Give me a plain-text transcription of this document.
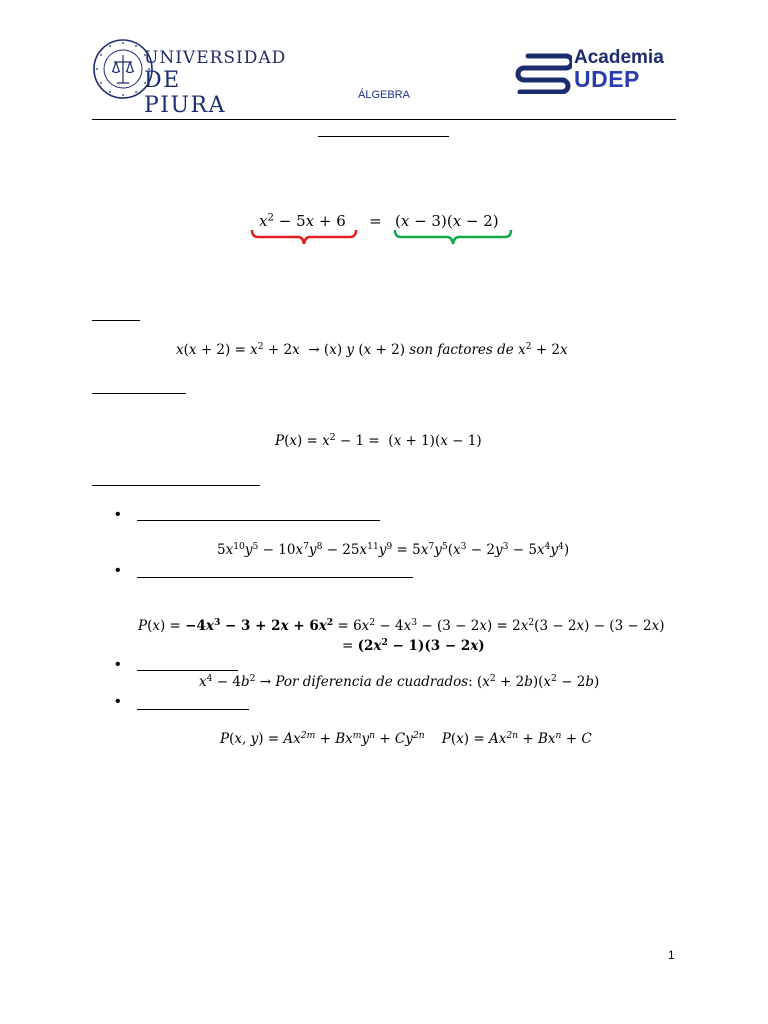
UNIVERSIDAD
DE PIURA	ÁLGEBRA
Academia
UDEP
$x^2 - 5x + 6 = (x - 3)(x - 2)$
$x(x + 2) = x^2 + 2x \to (x)$ y (x + 2) son factores de $x^2 + 2x$
$P(x) = x^2 - 1 = (x + 1)(x - 1)$
•
$5x^{10}y^5 - 10x^7y^8 - 25x^{11}y^9 = 5x^7y^5(x^3 - 2y^3 - 5x^4y^4)$
•
$P(x) = -4x^3 - 3 + 2x + 6x^2 = 6x^2 - 4x^3 - (3 - 2x) = 2x^2(3 - 2x) - (3 - 2x)$
= $(2x^2 - 1)(3 - 2x)$
•
$x^4 - 4b^2$ → Por diferencia de cuadrados: $(x^2 + 2b)(x^2 - 2b)$
•
P(x, $y) = Ax^{2m} + Bx^my^n + Cy^{2n}$    $P(x) = Ax^{2n} + Bx^n + C$
1
